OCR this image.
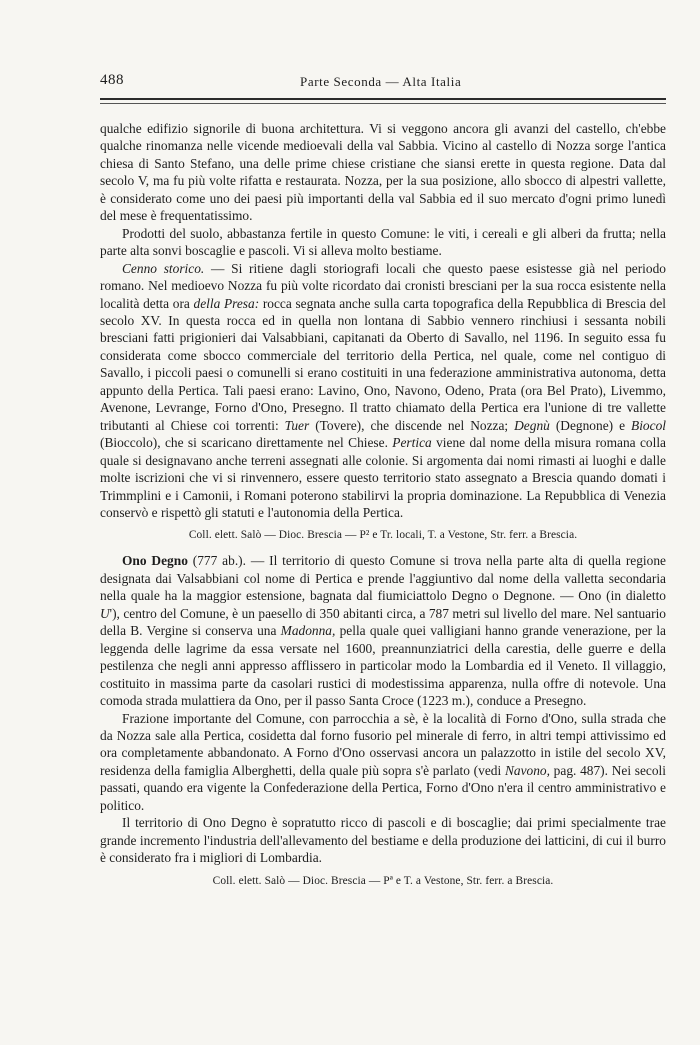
488	Parte Seconda — Alta Italia

qualche edifizio signorile di buona architettura. Vi si veggono ancora gli avanzi del castello, ch'ebbe qualche rinomanza nelle vicende medioevali della val Sabbia. Vicino al castello di Nozza sorge l'antica chiesa di Santo Stefano, una delle prime chiese cristiane che siansi erette in questa regione. Data dal secolo V, ma fu più volte rifatta e restaurata. Nozza, per la sua posizione, allo sbocco di alpestri vallette, è considerato come uno dei paesi più importanti della val Sabbia ed il suo mercato d'ogni primo lunedì del mese è frequentatissimo.

Prodotti del suolo, abbastanza fertile in questo Comune: le viti, i cereali e gli alberi da frutta; nella parte alta sonvi boscaglie e pascoli. Vi si alleva molto bestiame.

Cenno storico. — Si ritiene dagli storiografi locali che questo paese esistesse già nel periodo romano. Nel medioevo Nozza fu più volte ricordato dai cronisti bresciani per la sua rocca esistente nella località detta ora della Presa: rocca segnata anche sulla carta topografica della Repubblica di Brescia del secolo XV. In questa rocca ed in quella non lontana di Sabbio vennero rinchiusi i sessanta nobili bresciani fatti prigionieri dai Valsabbiani, capitanati da Oberto di Savallo, nel 1196. In seguito essa fu considerata come sbocco commerciale del territorio della Pertica, nel quale, come nel contiguo di Savallo, i piccoli paesi o comunelli si erano costituiti in una federazione amministrativa autonoma, detta appunto della Pertica. Tali paesi erano: Lavino, Ono, Navono, Odeno, Prata (ora Bel Prato), Livemmo, Avenone, Levrange, Forno d'Ono, Presegno. Il tratto chiamato della Pertica era l'unione di tre vallette tributanti al Chiese coi torrenti: Tuer (Tovere), che discende nel Nozza; Degnù (Degnone) e Biocol (Bioccolo), che si scaricano direttamente nel Chiese. Pertica viene dal nome della misura romana colla quale si designavano anche terreni assegnati alle colonie. Si argomenta dai nomi rimasti ai luoghi e dalle molte iscrizioni che vi si rinvennero, essere questo territorio stato assegnato a Brescia quando domati i Trimmplini e i Camonii, i Romani poterono stabilirvi la propria dominazione. La Repubblica di Venezia conservò e rispettò gli statuti e l'autonomia della Pertica.

Coll. elett. Salò — Dioc. Brescia — P² e Tr. locali, T. a Vestone, Str. ferr. a Brescia.

Ono Degno (777 ab.). — Il territorio di questo Comune si trova nella parte alta di quella regione designata dai Valsabbiani col nome di Pertica e prende l'aggiuntivo dal nome della valletta secondaria nella quale ha la maggior estensione, bagnata dal fiumiciattolo Degno o Degnone. — Ono (in dialetto U'), centro del Comune, è un paesello di 350 abitanti circa, a 787 metri sul livello del mare. Nel santuario della B. Vergine si conserva una Madonna, pella quale quei valligiani hanno grande venerazione, per la leggenda delle lagrime da essa versate nel 1600, preannunziatrici della carestia, delle guerre e della pestilenza che negli anni appresso afflissero in particolar modo la Lombardia ed il Veneto. Il villaggio, costituito in massima parte da casolari rustici di modestissima apparenza, nulla offre di notevole. Una comoda strada mulattiera da Ono, per il passo Santa Croce (1223 m.), conduce a Presegno.

Frazione importante del Comune, con parrocchia a sè, è la località di Forno d'Ono, sulla strada che da Nozza sale alla Pertica, cosidetta dal forno fusorio pel minerale di ferro, in altri tempi attivissimo ed ora completamente abbandonato. A Forno d'Ono osservasi ancora un palazzotto in istile del secolo XV, residenza della famiglia Alberghetti, della quale più sopra s'è parlato (vedi Navono, pag. 487). Nei secoli passati, quando era vigente la Confederazione della Pertica, Forno d'Ono n'era il centro amministrativo e politico.

Il territorio di Ono Degno è sopratutto ricco di pascoli e di boscaglie; dai primi specialmente trae grande incremento l'industria dell'allevamento del bestiame e della produzione dei latticini, di cui il burro è considerato fra i migliori di Lombardia.

Coll. elett. Salò — Dioc. Brescia — Pª e T. a Vestone, Str. ferr. a Brescia.
